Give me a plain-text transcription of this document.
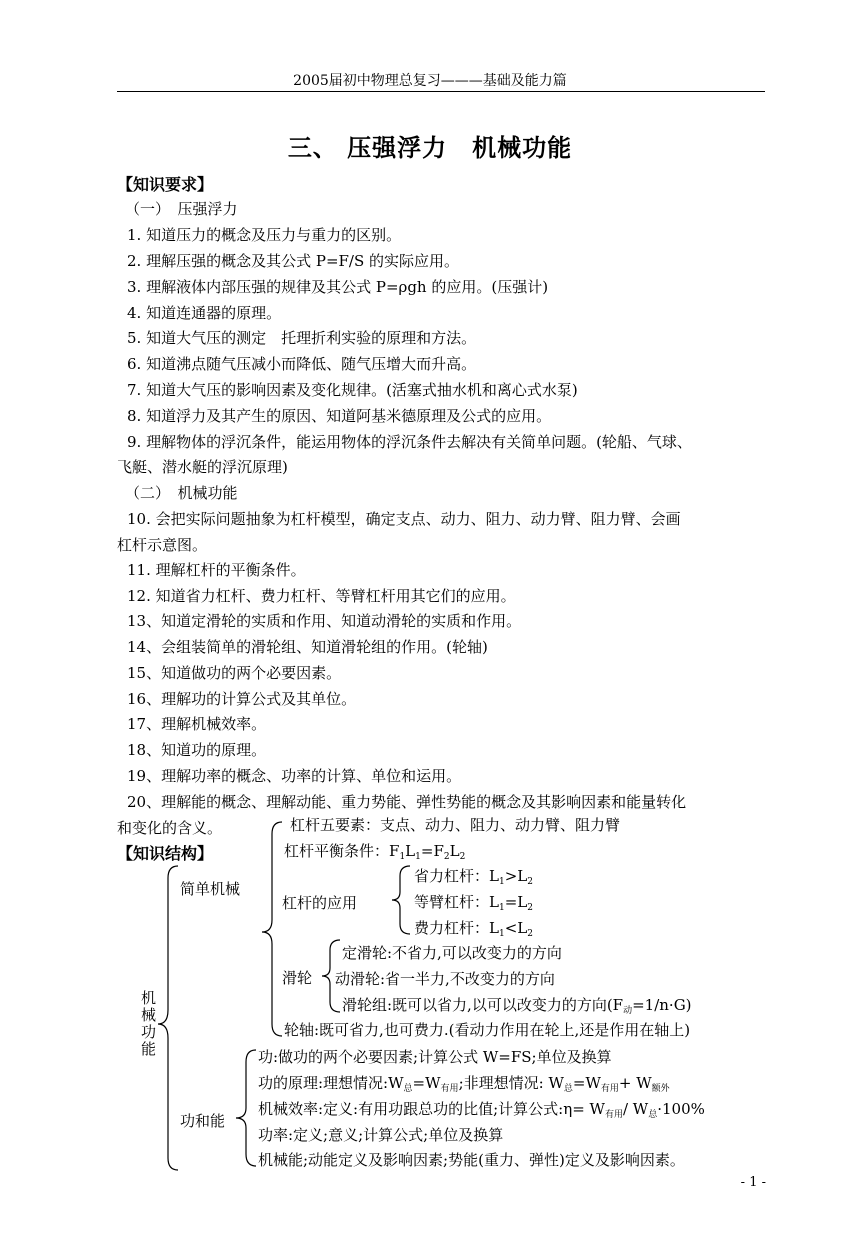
2005届初中物理总复习———基础及能力篇
三、 压强浮力　机械功能
【知识要求】
（一）　压强浮力
1. 知道压力的概念及压力与重力的区别。
2. 理解压强的概念及其公式 P=F/S 的实际应用。
3. 理解液体内部压强的规律及其公式 P=ρgh 的应用。(压强计)
4. 知道连通器的原理。
5. 知道大气压的测定　托理折利实验的原理和方法。
6. 知道沸点随气压减小而降低、随气压增大而升高。
7. 知道大气压的影响因素及变化规律。(活塞式抽水机和离心式水泵)
8. 知道浮力及其产生的原因、知道阿基米德原理及公式的应用。
9. 理解物体的浮沉条件，能运用物体的浮沉条件去解决有关简单问题。(轮船、气球、
飞艇、潜水艇的浮沉原理)
（二）　机械功能
10. 会把实际问题抽象为杠杆模型，确定支点、动力、阻力、动力臂、阻力臂、会画
杠杆示意图。
11. 理解杠杆的平衡条件。
12. 知道省力杠杆、费力杠杆、等臂杠杆用其它们的应用。
13、知道定滑轮的实质和作用、知道动滑轮的实质和作用。
14、会组装简单的滑轮组、知道滑轮组的作用。(轮轴)
15、知道做功的两个必要因素。
16、理解功的计算公式及其单位。
17、理解机械效率。
18、知道功的原理。
19、理解功率的概念、功率的计算、单位和运用。
20、理解能的概念、理解动能、重力势能、弹性势能的概念及其影响因素和能量转化
和变化的含义。
【知识结构】
机械功能
简单机械
杠杆五要素：支点、动力、阻力、动力臂、阻力臂
杠杆平衡条件：$F_1L_1=F_2L_2$
杠杆的应用
省力杠杆：$L_1>L_2$
等臂杠杆：$L_1=L_2$
费力杠杆：$L_1<L_2$
滑轮
定滑轮:不省力,可以改变力的方向
动滑轮:省一半力,不改变力的方向
滑轮组:既可以省力,以可以改变力的方向$(F_动=1/n\cdot G)$
轮轴:既可省力,也可费力.(看动力作用在轮上,还是作用在轴上)
功和能
功:做功的两个必要因素;计算公式 W=FS;单位及换算
功的原理:理想情况$:W_总=W_{有用}$;非理想情况: $W_总=W_{有用}+ W_{额外}$
机械效率:定义:有用功跟总功的比值;计算公式:η= $W_{有用}/$ $W_总\cdot 100\%$
功率:定义;意义;计算公式;单位及换算
机械能;动能定义及影响因素;势能(重力、弹性)定义及影响因素。
- 1 -
